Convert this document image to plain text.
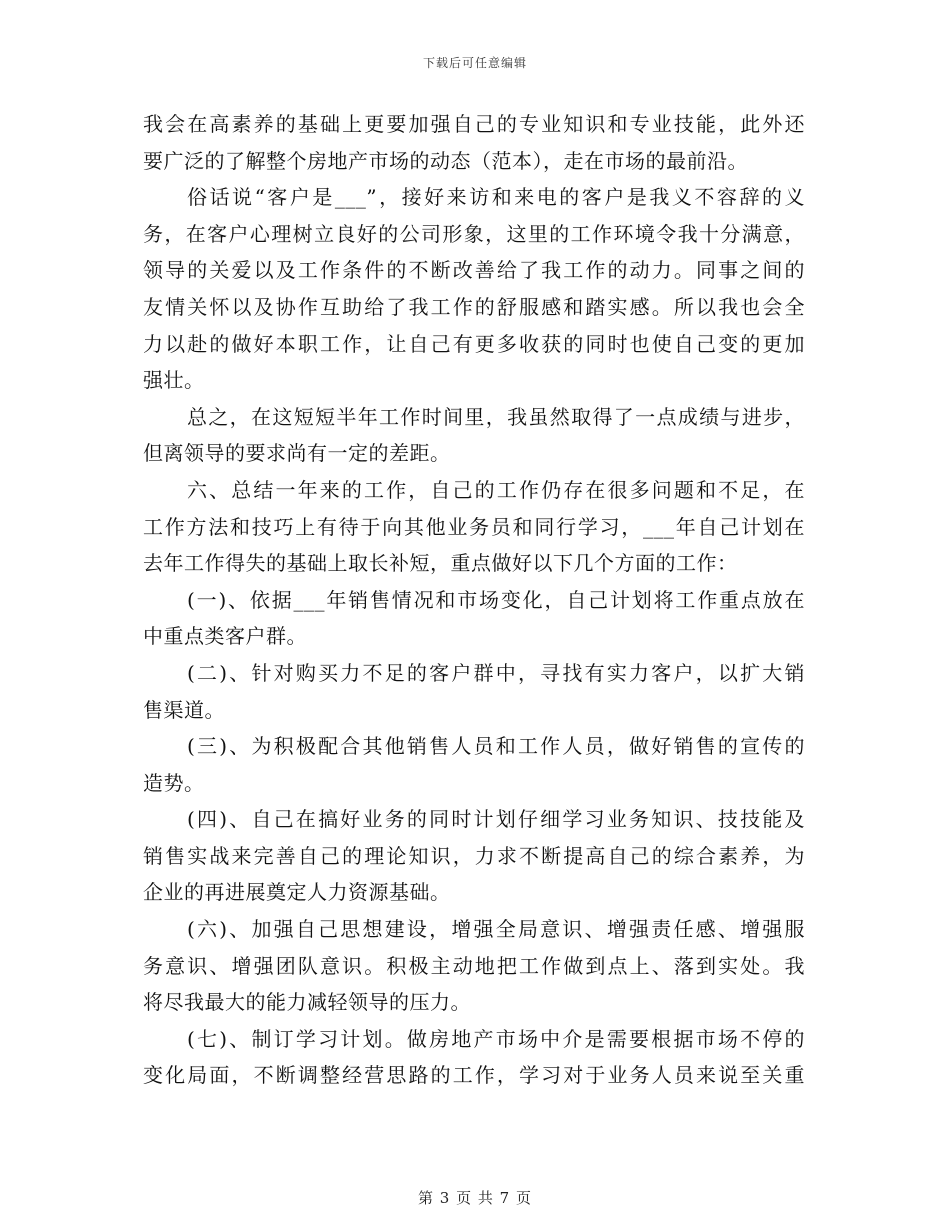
下载后可任意编辑
我会在高素养的基础上更要加强自己的专业知识和专业技能，此外还
要广泛的了解整个房地产市场的动态（范本），走在市场的最前沿。
俗话说“客户是___”，接好来访和来电的客户是我义不容辞的义
务，在客户心理树立良好的公司形象，这里的工作环境令我十分满意，
领导的关爱以及工作条件的不断改善给了我工作的动力。同事之间的
友情关怀以及协作互助给了我工作的舒服感和踏实感。所以我也会全
力以赴的做好本职工作，让自己有更多收获的同时也使自己变的更加
强壮。
总之，在这短短半年工作时间里，我虽然取得了一点成绩与进步，
但离领导的要求尚有一定的差距。
六、总结一年来的工作，自己的工作仍存在很多问题和不足，在
工作方法和技巧上有待于向其他业务员和同行学习，___年自己计划在
去年工作得失的基础上取长补短，重点做好以下几个方面的工作：
(一)、依据___年销售情况和市场变化，自己计划将工作重点放在
中重点类客户群。
(二)、针对购买力不足的客户群中，寻找有实力客户，以扩大销
售渠道。
(三)、为积极配合其他销售人员和工作人员，做好销售的宣传的
造势。
(四)、自己在搞好业务的同时计划仔细学习业务知识、技技能及
销售实战来完善自己的理论知识，力求不断提高自己的综合素养，为
企业的再进展奠定人力资源基础。
(六)、加强自己思想建设，增强全局意识、增强责任感、增强服
务意识、增强团队意识。积极主动地把工作做到点上、落到实处。我
将尽我最大的能力减轻领导的压力。
(七)、制订学习计划。做房地产市场中介是需要根据市场不停的
变化局面，不断调整经营思路的工作，学习对于业务人员来说至关重
第 3 页 共 7 页
